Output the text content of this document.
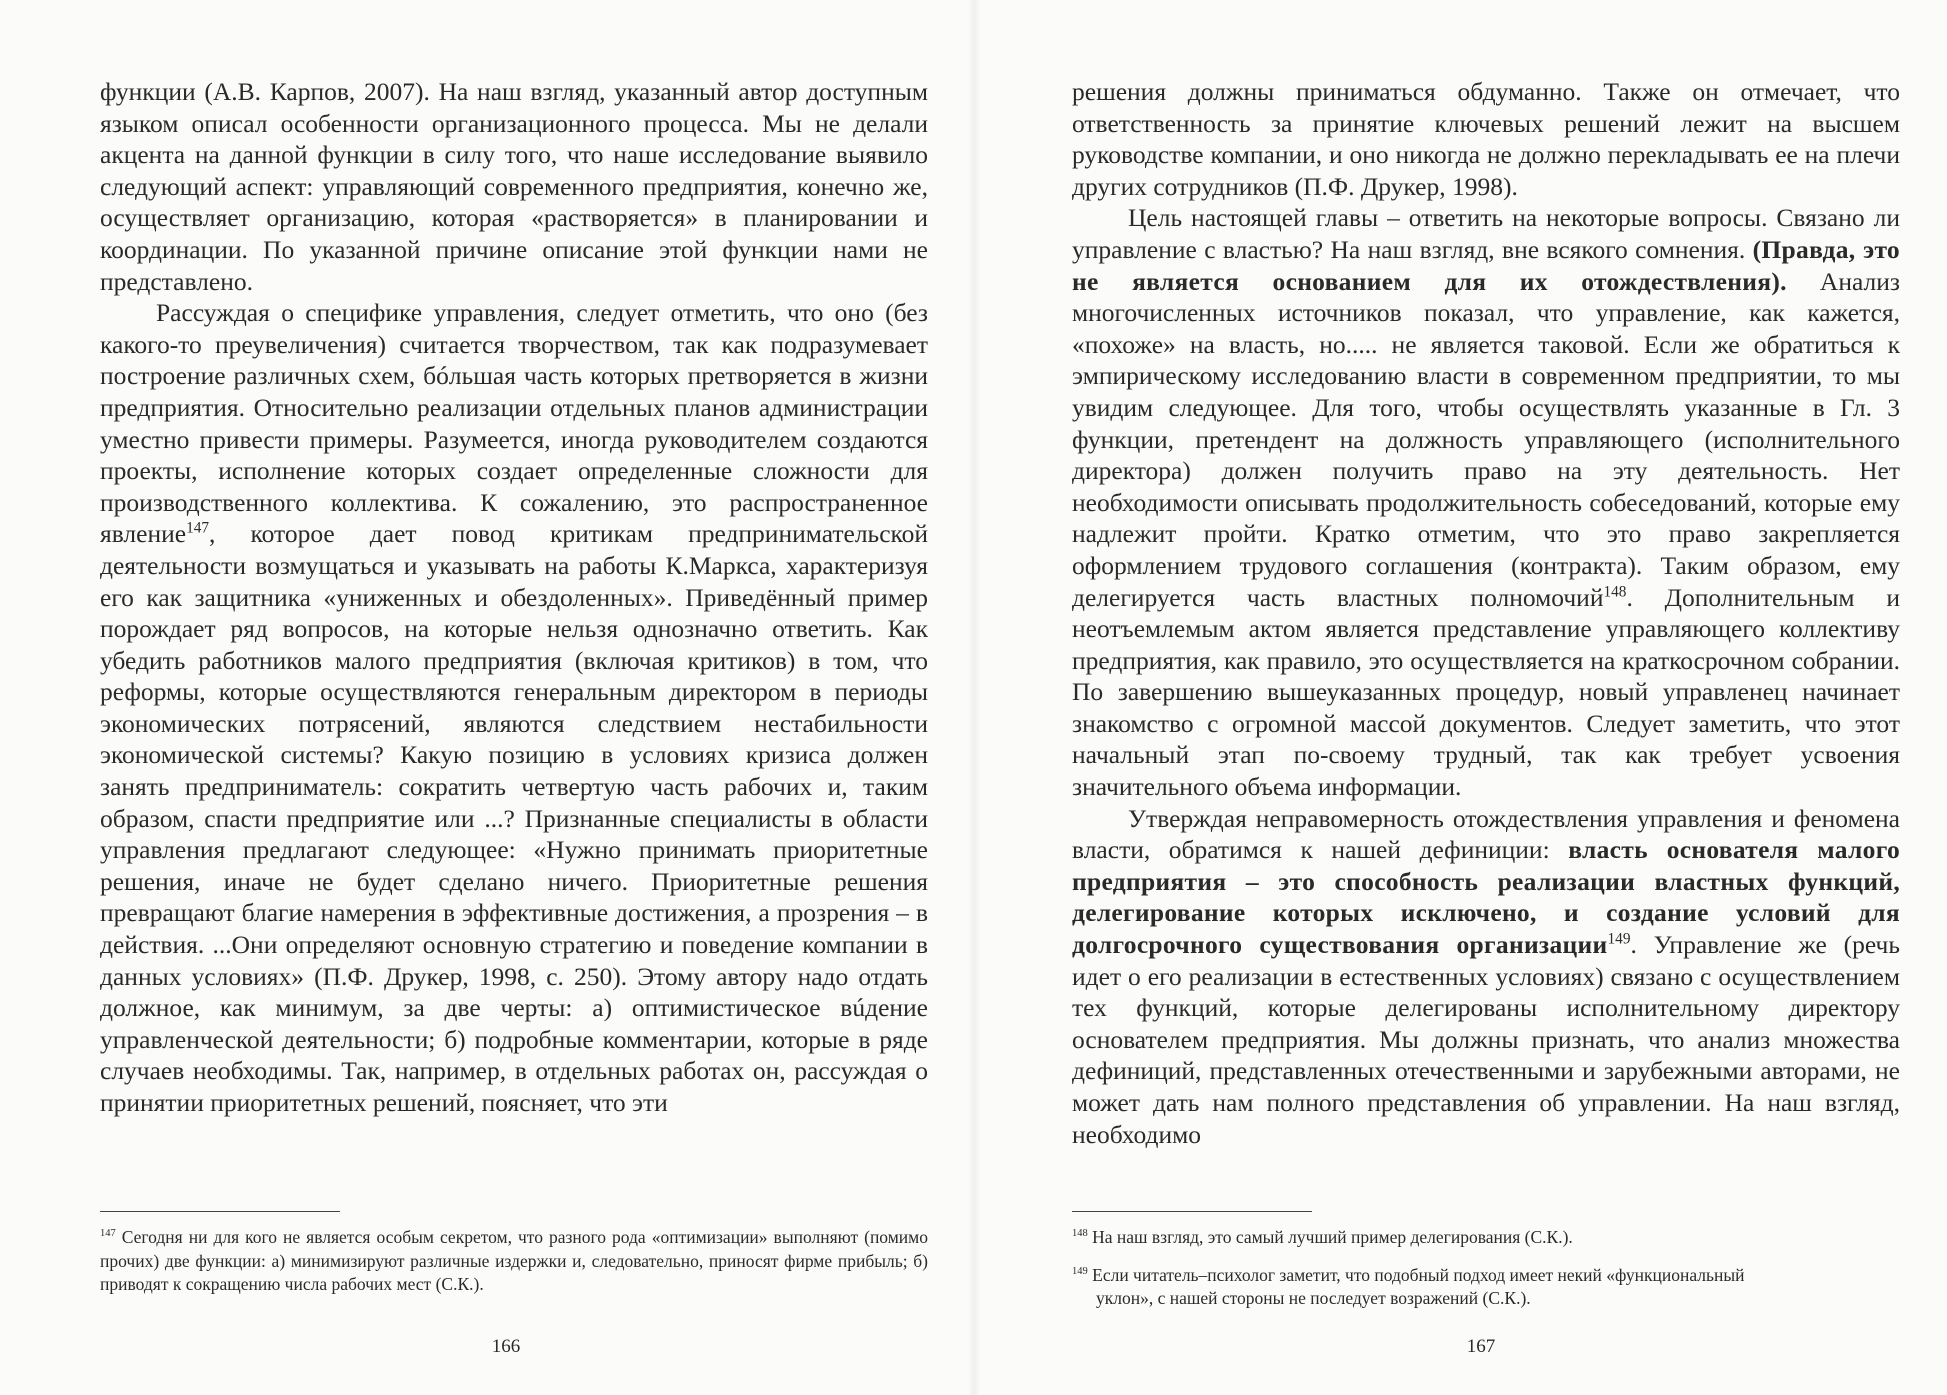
функции (А.В. Карпов, 2007). На наш взгляд, указанный автор доступным языком описал особенности организационного процесса. Мы не делали акцента на данной функции в силу того, что наше исследование выявило следующий аспект: управляющий современного предприятия, конечно же, осуществляет организацию, которая «растворяется» в планировании и координации. По указанной причине описание этой функции нами не представлено.

Рассуждая о специфике управления, следует отметить, что оно (без какого-то преувеличения) считается творчеством, так как подразумевает построение различных схем, бóльшая часть которых претворяется в жизни предприятия. Относительно реализации отдельных планов администрации уместно привести примеры. Разумеется, иногда руководителем создаются проекты, исполнение которых создает определенные сложности для производственного коллектива. К сожалению, это распространенное явление$^{147}$, которое дает повод критикам предпринимательской деятельности возмущаться и указывать на работы К.Маркса, характеризуя его как защитника «униженных и обездоленных». Приведённый пример порождает ряд вопросов, на которые нельзя однозначно ответить. Как убедить работников малого предприятия (включая критиков) в том, что реформы, которые осуществляются генеральным директором в периоды экономических потрясений, являются следствием нестабильности экономической системы? Какую позицию в условиях кризиса должен занять предприниматель: сократить четвертую часть рабочих и, таким образом, спасти предприятие или ...? Признанные специалисты в области управления предлагают следующее: «Нужно принимать приоритетные решения, иначе не будет сделано ничего. Приоритетные решения превращают благие намерения в эффективные достижения, а прозрения – в действия. ...Они определяют основную стратегию и поведение компании в данных условиях» (П.Ф. Друкер, 1998, с. 250). Этому автору надо отдать должное, как минимум, за две черты: а) оптимистическое вúдение управленческой деятельности; б) подробные комментарии, которые в ряде случаев необходимы. Так, например, в отдельных работах он, рассуждая о принятии приоритетных решений, поясняет, что эти

$^{147}$ Сегодня ни для кого не является особым секретом, что разного рода «оптимизации» выполняют (помимо прочих) две функции: а) минимизируют различные издержки и, следовательно, приносят фирме прибыль; б) приводят к сокращению числа рабочих мест (С.К.).

166

решения должны приниматься обдуманно. Также он отмечает, что ответственность за принятие ключевых решений лежит на высшем руководстве компании, и оно никогда не должно перекладывать ее на плечи других сотрудников (П.Ф. Друкер, 1998).

Цель настоящей главы – ответить на некоторые вопросы. Связано ли управление с властью? На наш взгляд, вне всякого сомнения. (Правда, это не является основанием для их отождествления). Анализ многочисленных источников показал, что управление, как кажется, «похоже» на власть, но..... не является таковой. Если же обратиться к эмпирическому исследованию власти в современном предприятии, то мы увидим следующее. Для того, чтобы осуществлять указанные в Гл. 3 функции, претендент на должность управляющего (исполнительного директора) должен получить право на эту деятельность. Нет необходимости описывать продолжительность собеседований, которые ему надлежит пройти. Кратко отметим, что это право закрепляется оформлением трудового соглашения (контракта). Таким образом, ему делегируется часть властных полномочий$^{148}$. Дополнительным и неотъемлемым актом является представление управляющего коллективу предприятия, как правило, это осуществляется на краткосрочном собрании. По завершению вышеуказанных процедур, новый управленец начинает знакомство с огромной массой документов. Следует заметить, что этот начальный этап по-своему трудный, так как требует усвоения значительного объема информации.

Утверждая неправомерность отождествления управления и феномена власти, обратимся к нашей дефиниции: власть основателя малого предприятия – это способность реализации властных функций, делегирование которых исключено, и создание условий для долгосрочного существования организации$^{149}$. Управление же (речь идет о его реализации в естественных условиях) связано с осуществлением тех функций, которые делегированы исполнительному директору основателем предприятия. Мы должны признать, что анализ множества дефиниций, представленных отечественными и зарубежными авторами, не может дать нам полного представления об управлении. На наш взгляд, необходимо

$^{148}$ На наш взгляд, это самый лучший пример делегирования (С.К.).

$^{149}$ Если читатель–психолог заметит, что подобный подход имеет некий «функциональный
уклон», с нашей стороны не последует возражений (С.К.).

167
